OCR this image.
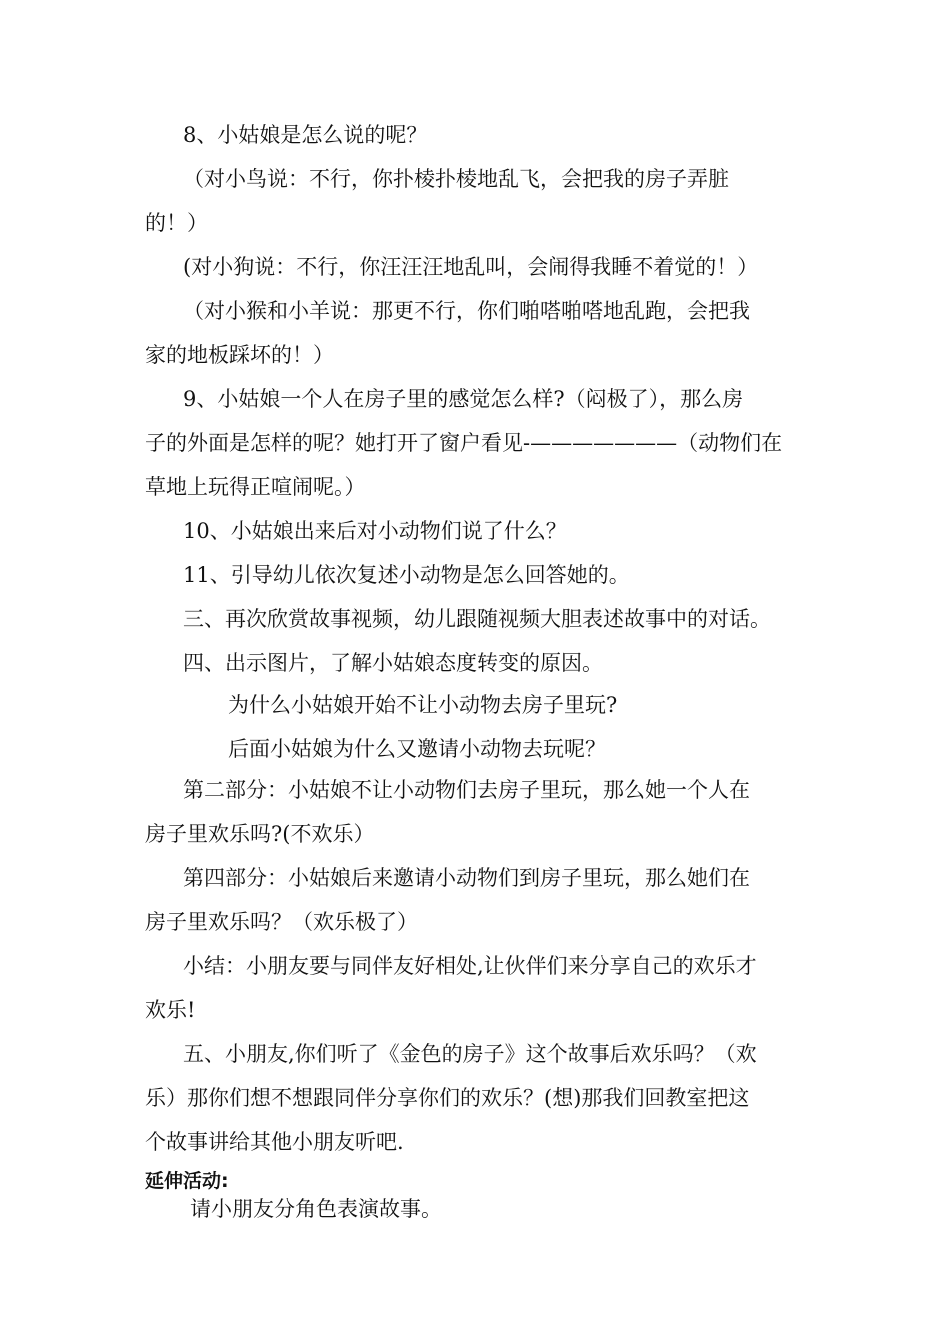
8、小姑娘是怎么说的呢？
（对小鸟说：不行，你扑棱扑棱地乱飞，会把我的房子弄脏
的！）
(对小狗说：不行，你汪汪汪地乱叫，会闹得我睡不着觉的！）
（对小猴和小羊说：那更不行，你们啪嗒啪嗒地乱跑，会把我
家的地板踩坏的！）
9、小姑娘一个人在房子里的感觉怎么样?（闷极了），那么房
子的外面是怎样的呢？她打开了窗户看见-———————（动物们在
草地上玩得正喧闹呢。）
10、小姑娘出来后对小动物们说了什么？
11、引导幼儿依次复述小动物是怎么回答她的。
三、再次欣赏故事视频，幼儿跟随视频大胆表述故事中的对话。
四、出示图片，了解小姑娘态度转变的原因。
为什么小姑娘开始不让小动物去房子里玩?
后面小姑娘为什么又邀请小动物去玩呢？
第二部分：小姑娘不让小动物们去房子里玩，那么她一个人在
房子里欢乐吗?(不欢乐）
第四部分：小姑娘后来邀请小动物们到房子里玩，那么她们在
房子里欢乐吗？（欢乐极了）
小结：小朋友要与同伴友好相处,让伙伴们来分享自己的欢乐才
欢乐!
五、小朋友,你们听了《金色的房子》这个故事后欢乐吗？（欢
乐）那你们想不想跟同伴分享你们的欢乐？(想)那我们回教室把这
个故事讲给其他小朋友听吧.
延伸活动:
请小朋友分角色表演故事。
